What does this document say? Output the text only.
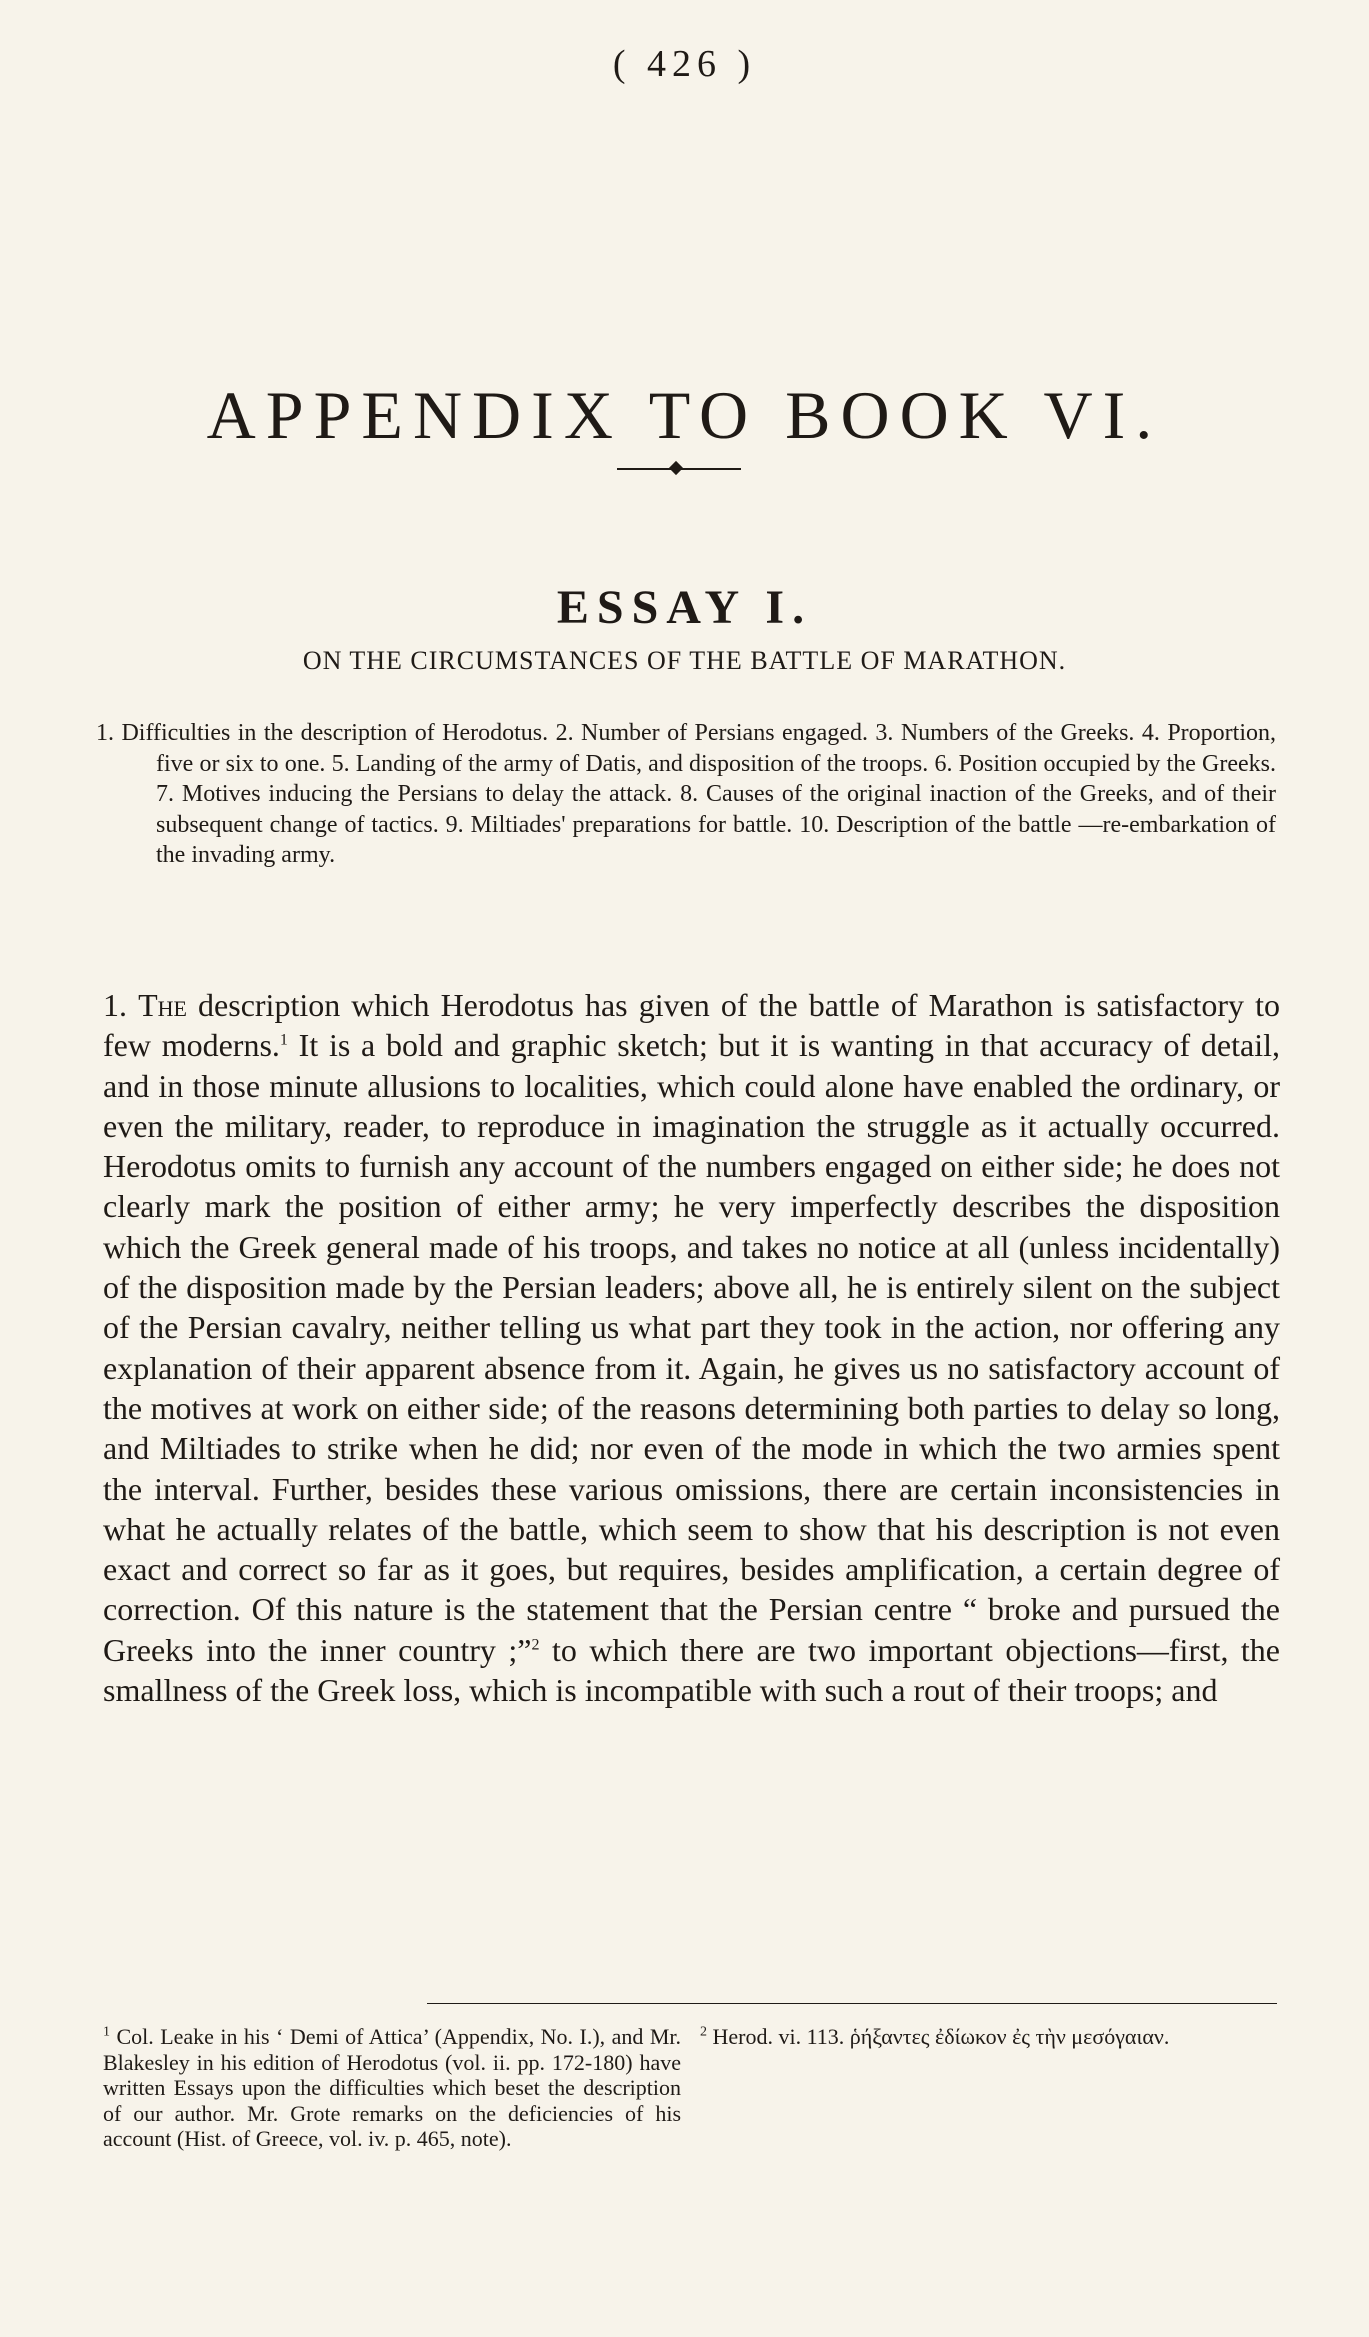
( 426 )
APPENDIX TO BOOK VI.
ESSAY I.
ON THE CIRCUMSTANCES OF THE BATTLE OF MARATHON.

1. Difficulties in the description of Herodotus. 2. Number of Persians engaged. 3. Numbers of the Greeks. 4. Proportion, five or six to one. 5. Landing of the army of Datis, and disposition of the troops. 6. Position occupied by the Greeks. 7. Motives inducing the Persians to delay the attack. 8. Causes of the original inaction of the Greeks, and of their subsequent change of tactics. 9. Miltiades' preparations for battle. 10. Description of the battle —re-embarkation of the invading army.

1. The description which Herodotus has given of the battle of Marathon is satisfactory to few moderns.$^1$ It is a bold and graphic sketch; but it is wanting in that accuracy of detail, and in those minute allusions to localities, which could alone have enabled the ordinary, or even the military, reader, to reproduce in imagination the struggle as it actually occurred. Herodotus omits to furnish any account of the numbers engaged on either side; he does not clearly mark the position of either army; he very imperfectly describes the disposition which the Greek general made of his troops, and takes no notice at all (unless incidentally) of the disposition made by the Persian leaders; above all, he is entirely silent on the subject of the Persian cavalry, neither telling us what part they took in the action, nor offering any explanation of their apparent absence from it. Again, he gives us no satisfactory account of the motives at work on either side; of the reasons determining both parties to delay so long, and Miltiades to strike when he did; nor even of the mode in which the two armies spent the interval. Further, besides these various omissions, there are certain inconsistencies in what he actually relates of the battle, which seem to show that his description is not even exact and correct so far as it goes, but requires, besides amplification, a certain degree of correction. Of this nature is the statement that the Persian centre “ broke and pursued the Greeks into the inner country ;”$^2$ to which there are two important objections—first, the smallness of the Greek loss, which is incompatible with such a rout of their troops; and

$^1$ Col. Leake in his ‘ Demi of Attica’ (Appendix, No. I.), and Mr. Blakesley in his edition of Herodotus (vol. ii. pp. 172-180) have written Essays upon the difficulties which beset the description of our author. Mr. Grote remarks on the deficiencies of his account (Hist. of Greece, vol. iv. p. 465, note).

$^2$ Herod. vi. 113. ῥήξαντες ἐδίωκον ἐς τὴν μεσόγαιαν.
